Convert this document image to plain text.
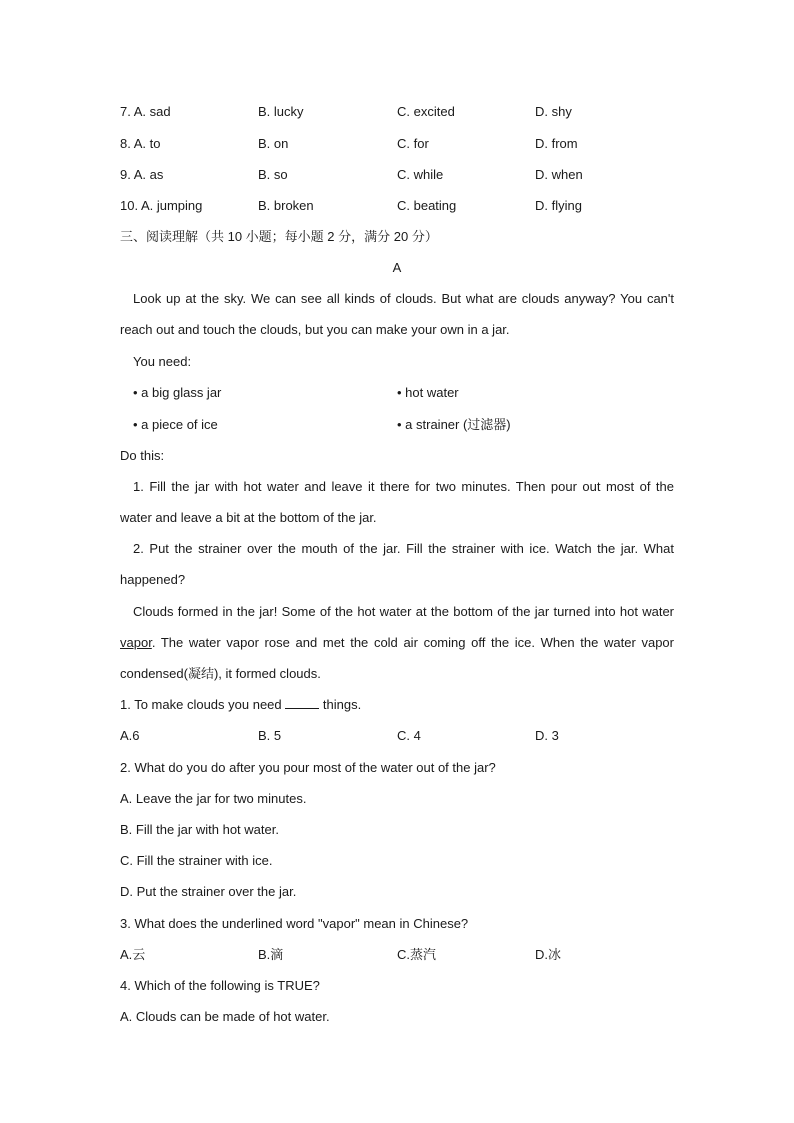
7. A. sad	B. lucky	C. excited	D. shy
8. A. to	B. on	C. for	D. from
9. A. as	B. so	C. while	D. when
10. A. jumping	B. broken	C. beating	D. flying
三、阅读理解（共 10 小题；每小题 2 分，满分 20 分）
A
Look up at the sky. We can see all kinds of clouds. But what are clouds anyway? You can't
reach out and touch the clouds, but you can make your own in a jar.
You need:
• a big glass jar	• hot water
• a piece of ice	• a strainer (过滤器)
Do this:
1. Fill the jar with hot water and leave it there for two minutes. Then pour out most of the
water and leave a bit at the bottom of the jar.
2. Put the strainer over the mouth of the jar. Fill the strainer with ice. Watch the jar. What
happened?
Clouds formed in the jar! Some of the hot water at the bottom of the jar turned into hot water
vapor. The water vapor rose and met the cold air coming off the ice. When the water vapor
condensed(凝结), it formed clouds.
1. To make clouds you need	things.
A.6	B. 5	C. 4	D. 3
2. What do you do after you pour most of the water out of the jar?
A. Leave the jar for two minutes.
B. Fill the jar with hot water.
C. Fill the strainer with ice.
D. Put the strainer over the jar.
3. What does the underlined word "vapor" mean in Chinese?
A.云	B.滴	C.蒸汽	D.冰
4. Which of the following is TRUE?
A. Clouds can be made of hot water.
